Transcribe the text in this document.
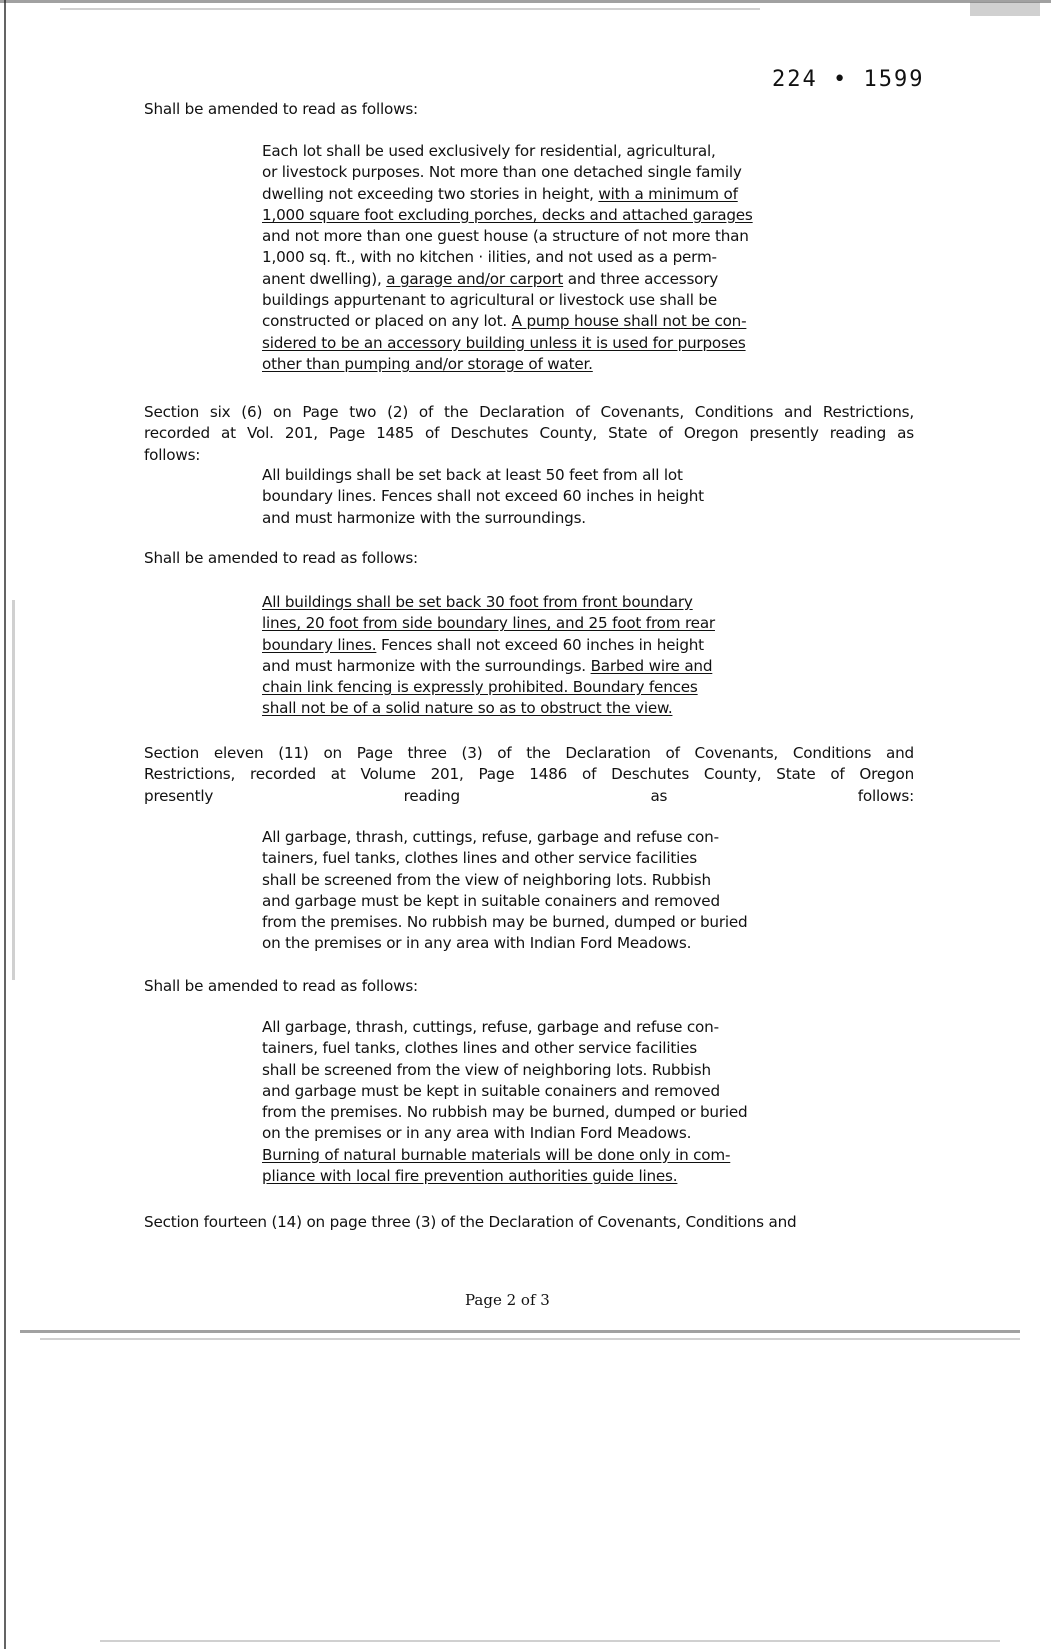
224 • 1599
Shall be amended to read as follows:
Each lot shall be used exclusively for residential, agricultural,
or livestock purposes. Not more than one detached single family
dwelling not exceeding two stories in height, with a minimum of
1,000 square foot excluding porches, decks and attached garages
and not more than one guest house (a structure of not more than
1,000 sq. ft., with no kitchen · ilities, and not used as a perm-
anent dwelling), a garage and/or carport and three accessory
buildings appurtenant to agricultural or livestock use shall be
constructed or placed on any lot. A pump house shall not be con-
sidered to be an accessory building unless it is used for purposes
other than pumping and/or storage of water.
Section six (6) on Page two (2) of the Declaration of Covenants, Conditions and Restrictions,
recorded at Vol. 201, Page 1485 of Deschutes County, State of Oregon presently reading as
follows:
All buildings shall be set back at least 50 feet from all lot
boundary lines. Fences shall not exceed 60 inches in height
and must harmonize with the surroundings.
Shall be amended to read as follows:
All buildings shall be set back 30 foot from front boundary
lines, 20 foot from side boundary lines, and 25 foot from rear
boundary lines. Fences shall not exceed 60 inches in height
and must harmonize with the surroundings. Barbed wire and
chain link fencing is expressly prohibited. Boundary fences
shall not be of a solid nature so as to obstruct the view.
Section eleven (11) on Page three (3) of the Declaration of Covenants, Conditions and
Restrictions, recorded at Volume 201, Page 1486 of Deschutes County, State of Oregon
presently reading as follows:
All garbage, thrash, cuttings, refuse, garbage and refuse con-
tainers, fuel tanks, clothes lines and other service facilities
shall be screened from the view of neighboring lots. Rubbish
and garbage must be kept in suitable conainers and removed
from the premises. No rubbish may be burned, dumped or buried
on the premises or in any area with Indian Ford Meadows.
Shall be amended to read as follows:
All garbage, thrash, cuttings, refuse, garbage and refuse con-
tainers, fuel tanks, clothes lines and other service facilities
shall be screened from the view of neighboring lots. Rubbish
and garbage must be kept in suitable conainers and removed
from the premises. No rubbish may be burned, dumped or buried
on the premises or in any area with Indian Ford Meadows.
Burning of natural burnable materials will be done only in com-
pliance with local fire prevention authorities guide lines.
Section fourteen (14) on page three (3) of the Declaration of Covenants, Conditions and
Page 2 of 3
